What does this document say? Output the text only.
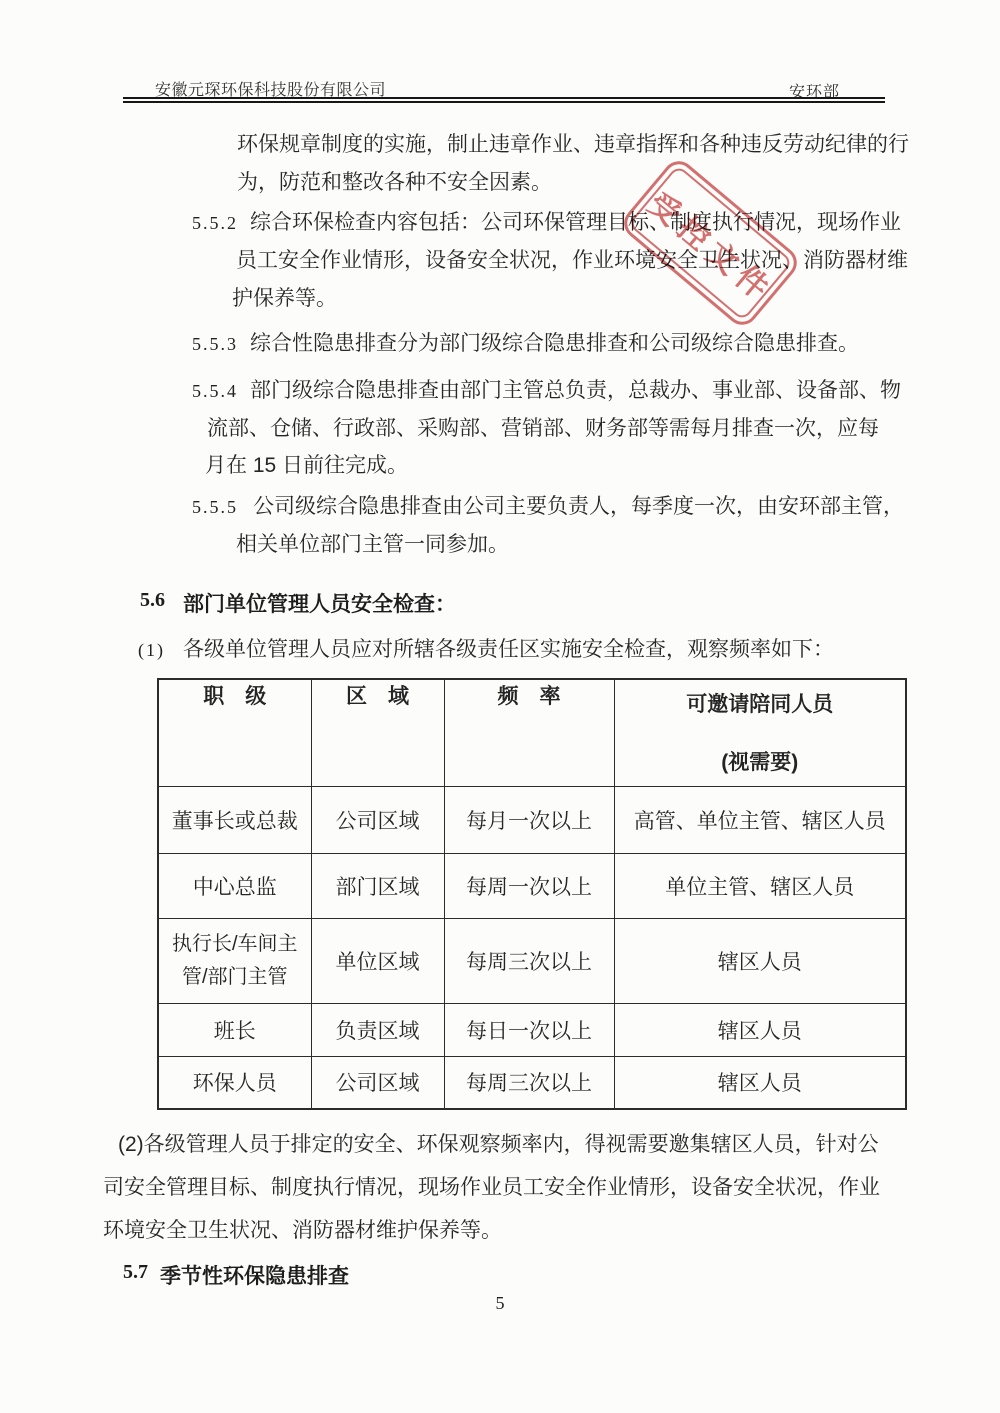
安徽元琛环保科技股份有限公司	安环部
环保规章制度的实施，制止违章作业、违章指挥和各种违反劳动纪律的行
为，防范和整改各种不安全因素。
5.5.2 综合环保检查内容包括：公司环保管理目标、制度执行情况，现场作业
员工安全作业情形，设备安全状况，作业环境安全卫生状况、消防器材维
护保养等。	受控文件
5.5.3 综合性隐患排查分为部门级综合隐患排查和公司级综合隐患排查。
5.5.4 部门级综合隐患排查由部门主管总负责，总裁办、事业部、设备部、物
流部、仓储、行政部、采购部、营销部、财务部等需每月排查一次，应每
月在 15 日前往完成。
5.5.5 公司级综合隐患排查由公司主要负责人，每季度一次，由安环部主管，
相关单位部门主管一同参加。
5.6 部门单位管理人员安全检查：
(1) 各级单位管理人员应对所辖各级责任区实施安全检查，观察频率如下：
职　级	区　域	频　率	可邀请陪同人员
(视需要)

董事长或总裁	公司区域	每月一次以上	高管、单位主管、辖区人员
中心总监	部门区域	每周一次以上	单位主管、辖区人员
执行长/车间主管/部门主管	单位区域	每周三次以上	辖区人员
班长	负责区域	每日一次以上	辖区人员
环保人员	公司区域	每周三次以上	辖区人员
(2)各级管理人员于排定的安全、环保观察频率内，得视需要邀集辖区人员，针对公
司安全管理目标、制度执行情况，现场作业员工安全作业情形，设备安全状况，作业
环境安全卫生状况、消防器材维护保养等。
5.7 季节性环保隐患排查
5
